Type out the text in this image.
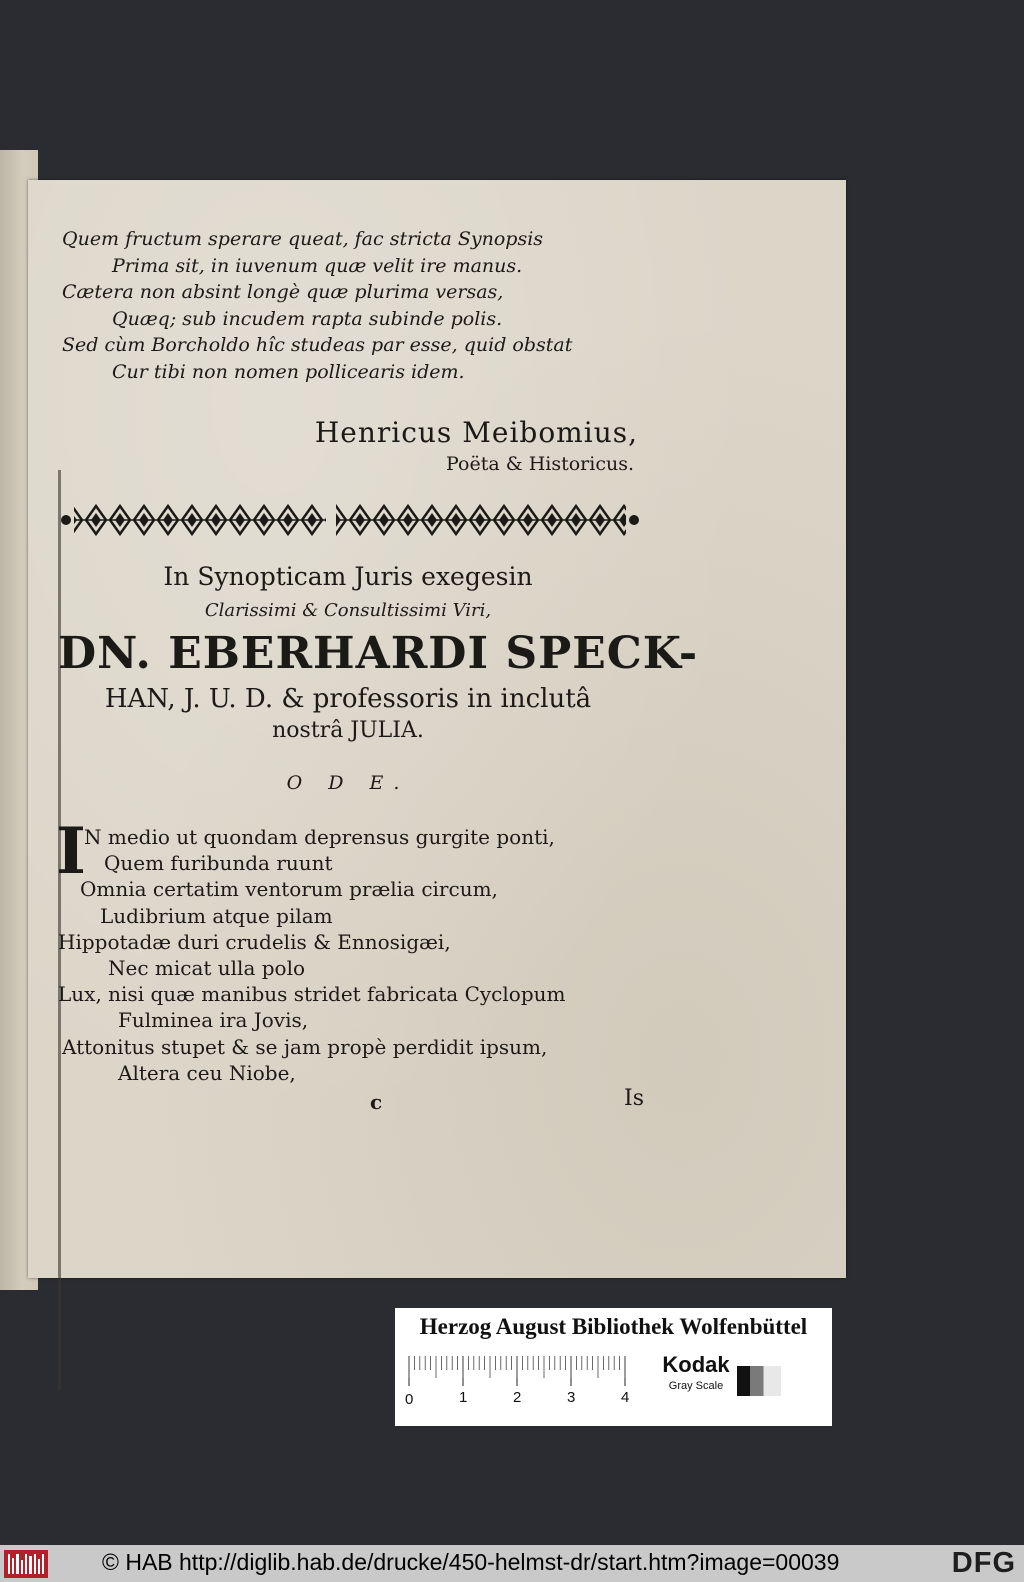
Quem fructum sperare queat, fac stricta Synopsis
Prima sit, in iuvenum quæ velit ire manus.
Cætera non absint longè quæ plurima versas,
Quæq; sub incudem rapta subinde polis.
Sed cùm Borcholdo hîc studeas par esse, quid obstat
Cur tibi non nomen pollicearis idem.
Henricus Meibomius,
Poëta & Historicus.
In Synopticam Juris exegesin
Clarissimi & Consultissimi Viri,
DN. EBERHARDI SPECK-
HAN, J. U. D. & professoris in inclutâ
nostrâ JULIA.
O D E.
I
N medio ut quondam deprensus gurgite ponti,
Quem furibunda ruunt
Omnia certatim ventorum prælia circum,
Ludibrium atque pilam
Hippotadæ duri crudelis & Ennosigæi,
Nec micat ulla polo
Lux, nisi quæ manibus stridet fabricata Cyclopum
Fulminea ira Jovis,
Attonitus stupet & se jam propè perdidit ipsum,
Altera ceu Niobe,
c	Is
Herzog August Bibliothek Wolfenbüttel
0	1	2	3	4
Kodak
Gray Scale
© HAB http://diglib.hab.de/drucke/450-helmst-dr/start.htm?image=00039	DFG
